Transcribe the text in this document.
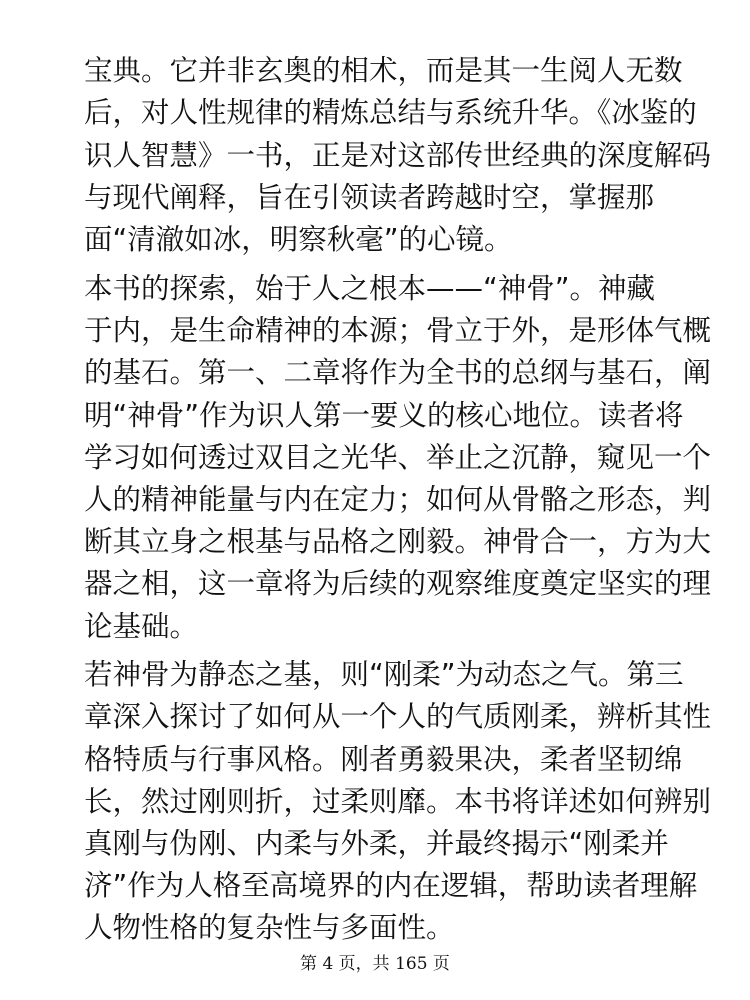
宝典。它并非玄奥的相术，而是其一生阅人无数
后，对人性规律的精炼总结与系统升华。《冰鉴的
识人智慧》一书，正是对这部传世经典的深度解码
与现代阐释，旨在引领读者跨越时空，掌握那
面“清澈如冰，明察秋毫”的心镜。
本书的探索，始于人之根本——“神骨”。神藏
于内，是生命精神的本源；骨立于外，是形体气概
的基石。第一、二章将作为全书的总纲与基石，阐
明“神骨”作为识人第一要义的核心地位。读者将
学习如何透过双目之光华、举止之沉静，窥见一个
人的精神能量与内在定力；如何从骨骼之形态，判
断其立身之根基与品格之刚毅。神骨合一，方为大
器之相，这一章将为后续的观察维度奠定坚实的理
论基础。
若神骨为静态之基，则“刚柔”为动态之气。第三
章深入探讨了如何从一个人的气质刚柔，辨析其性
格特质与行事风格。刚者勇毅果决，柔者坚韧绵
长，然过刚则折，过柔则靡。本书将详述如何辨别
真刚与伪刚、内柔与外柔，并最终揭示“刚柔并
济”作为人格至高境界的内在逻辑，帮助读者理解
人物性格的复杂性与多面性。
第 4 页，共 165 页
